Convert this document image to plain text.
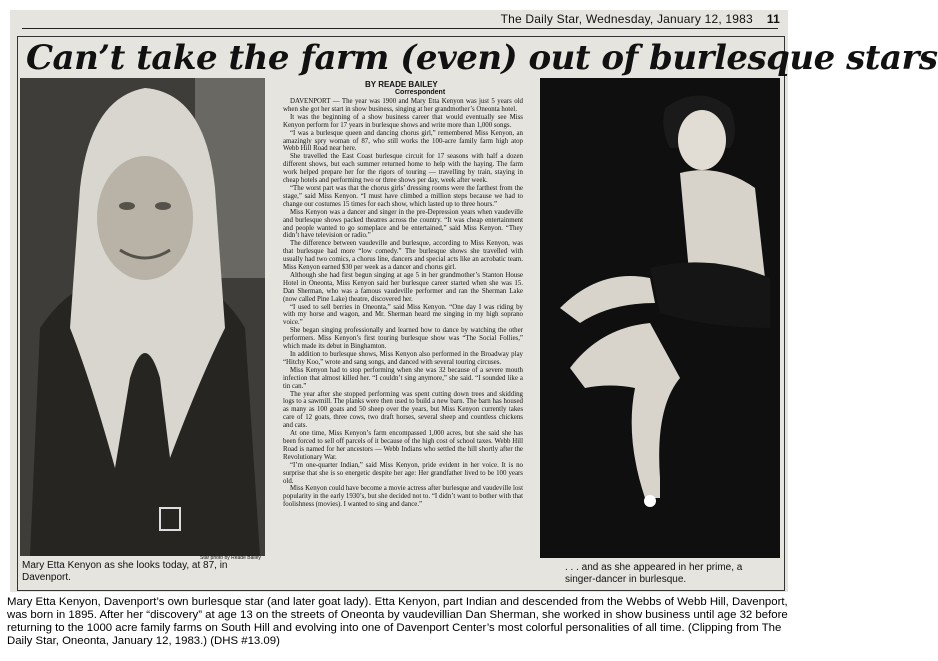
The Daily Star, Wednesday, January 12, 1983 11
Can’t take the farm (even) out of burlesque stars
Star photo by Reade Bailey
Mary Etta Kenyon as she looks today, at 87, in Davenport.
BY READE BAILEY
Correspondent

DAVENPORT — The year was 1900 and Mary Etta Kenyon was just 5 years old when she got her start in show business, singing at her grandmother’s Oneonta hotel.

It was the beginning of a show business career that would eventually see Miss Kenyon perform for 17 years in burlesque shows and write more than 1,000 songs.

“I was a burlesque queen and dancing chorus girl,” remembered Miss Kenyon, an amazingly spry woman of 87, who still works the 100-acre family farm high atop Webb Hill Road near here.

She travelled the East Coast burlesque circuit for 17 seasons with half a dozen different shows, but each summer returned home to help with the haying. The farm work helped prepare her for the rigors of touring — travelling by train, staying in cheap hotels and performing two or three shows per day, week after week.

“The worst part was that the chorus girls’ dressing rooms were the farthest from the stage,” said Miss Kenyon. “I must have climbed a million steps because we had to change our costumes 15 times for each show, which lasted up to three hours.”

Miss Kenyon was a dancer and singer in the pre-Depression years when vaudeville and burlesque shows packed theatres across the country. “It was cheap entertainment and people wanted to go someplace and be entertained,” said Miss Kenyon. “They didn’t have television or radio.”

The difference between vaudeville and burlesque, according to Miss Kenyon, was that burlesque had more “low comedy.” The burlesque shows she travelled with usually had two comics, a chorus line, dancers and special acts like an acrobatic team. Miss Kenyon earned $30 per week as a dancer and chorus girl.

Although she had first begun singing at age 5 in her grandmother’s Stanton House Hotel in Oneonta, Miss Kenyon said her burlesque career started when she was 15. Dan Sherman, who was a famous vaudeville performer and ran the Sherman Lake (now called Pine Lake) theatre, discovered her.

“I used to sell berries in Oneonta,” said Miss Kenyon. “One day I was riding by with my horse and wagon, and Mr. Sherman heard me singing in my high soprano voice.”

She began singing professionally and learned how to dance by watching the other performers. Miss Kenyon’s first touring burlesque show was “The Social Follies,” which made its debut in Binghamton.

In addition to burlesque shows, Miss Kenyon also performed in the Broadway play “Hitchy Koo,” wrote and sang songs, and danced with several touring circuses.

Miss Kenyon had to stop performing when she was 32 because of a severe mouth infection that almost killed her. “I couldn’t sing anymore,” she said. “I sounded like a tin can.”

The year after she stopped performing was spent cutting down trees and skidding logs to a sawmill. The planks were then used to build a new barn. The barn has housed as many as 100 goats and 50 sheep over the years, but Miss Kenyon currently takes care of 12 goats, three cows, two draft horses, several sheep and countless chickens and cats.

At one time, Miss Kenyon’s farm encompassed 1,000 acres, but she said she has been forced to sell off parcels of it because of the high cost of school taxes. Webb Hill Road is named for her ancestors — Webb Indians who settled the hill shortly after the Revolutionary War.

“I’m one-quarter Indian,” said Miss Kenyon, pride evident in her voice. It is no surprise that she is so energetic despite her age: Her grandfather lived to be 100 years old.

Miss Kenyon could have become a movie actress after burlesque and vaudeville lost popularity in the early 1930’s, but she decided not to. “I didn’t want to bother with that foolishness (movies). I wanted to sing and dance.”

. . . and as she appeared in her prime, a singer-dancer in burlesque.
Mary Etta Kenyon, Davenport’s own burlesque star (and later goat lady). Etta Kenyon, part Indian and descended from the Webbs of Webb Hill, Davenport, was born in 1895. After her “discovery” at age 13 on the streets of Oneonta by vaudevillian Dan Sherman, she worked in show business until age 32 before returning to the 1000 acre family farms on South Hill and evolving into one of Davenport Center’s most colorful personalities of all time. (Clipping from The Daily Star, Oneonta, January 12, 1983.) (DHS #13.09)
